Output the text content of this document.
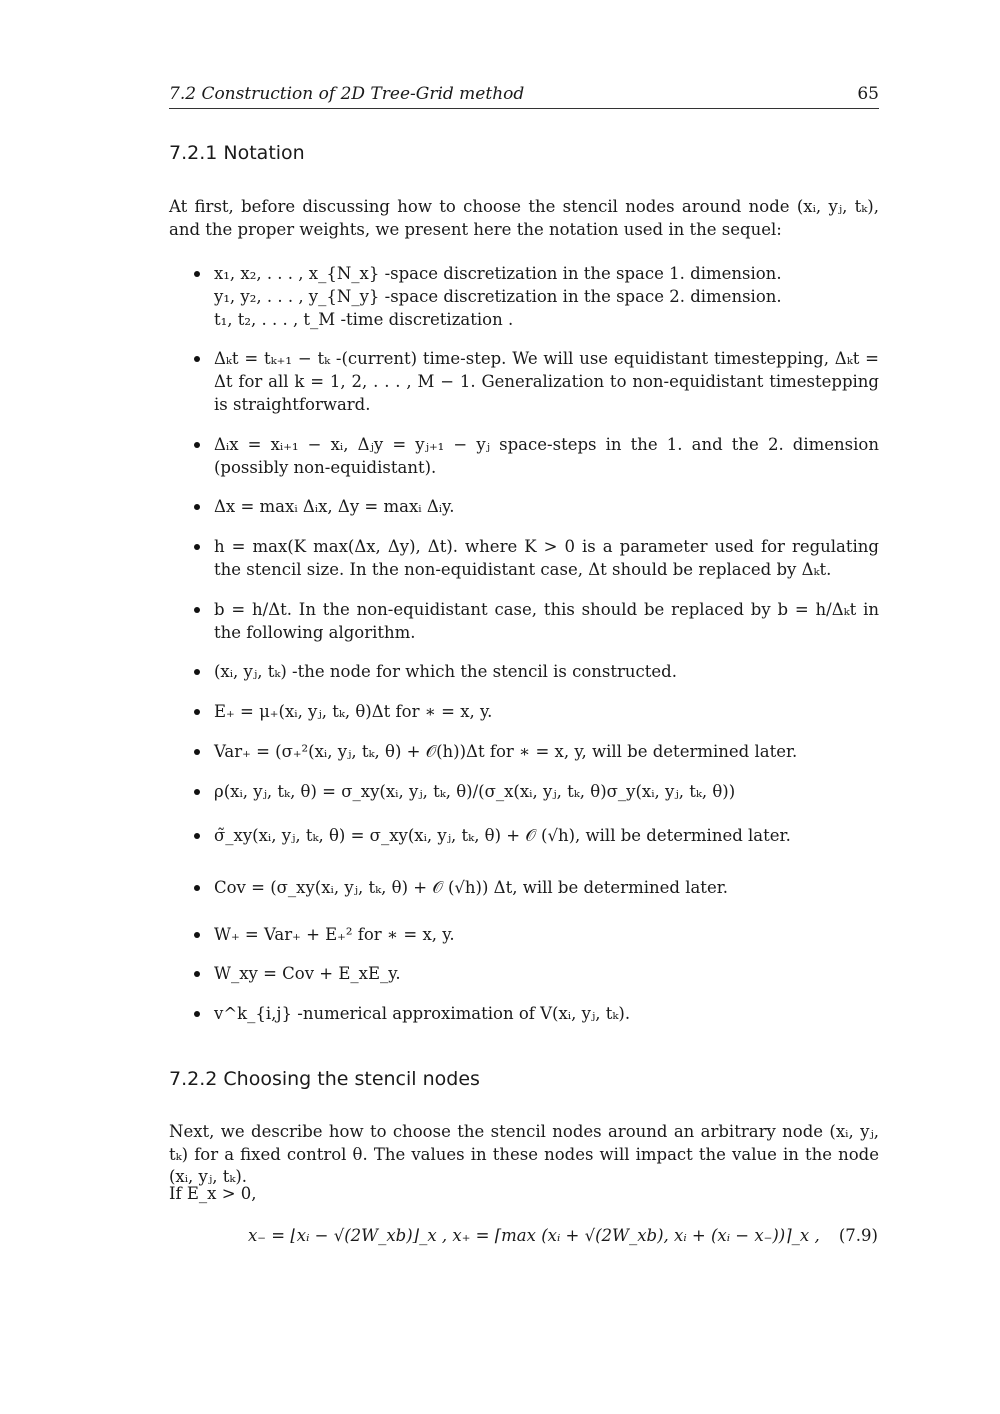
7.2 Construction of 2D Tree-Grid method	65
7.2.1 Notation
At first, before discussing how to choose the stencil nodes around node (xᵢ, yⱼ, tₖ), and the proper weights, we present here the notation used in the sequel:
x₁, x₂, . . . , x_{N_x} -space discretization in the space 1. dimension.
y₁, y₂, . . . , y_{N_y} -space discretization in the space 2. dimension.
t₁, t₂, . . . , t_M -time discretization .
Δₖt = tₖ₊₁ − tₖ -(current) time-step. We will use equidistant timestepping, Δₖt = Δt for all k = 1, 2, . . . , M − 1. Generalization to non-equidistant timestepping is straightforward.
Δᵢx = xᵢ₊₁ − xᵢ, Δⱼy = yⱼ₊₁ − yⱼ space-steps in the 1. and the 2. dimension (possibly non-equidistant).
Δx = maxᵢ Δᵢx, Δy = maxᵢ Δᵢy.
h = max(K max(Δx, Δy), Δt). where K > 0 is a parameter used for regulating the stencil size. In the non-equidistant case, Δt should be replaced by Δₖt.
b = h/Δt. In the non-equidistant case, this should be replaced by b = h/Δₖt in the following algorithm.
(xᵢ, yⱼ, tₖ) -the node for which the stencil is constructed.
E₊ = μ₊(xᵢ, yⱼ, tₖ, θ)Δt for ∗ = x, y.
Var₊ = (σ₊²(xᵢ, yⱼ, tₖ, θ) + 𝒪(h))Δt for ∗ = x, y, will be determined later.
ρ(xᵢ, yⱼ, tₖ, θ) = σ_xy(xᵢ, yⱼ, tₖ, θ)/(σ_x(xᵢ, yⱼ, tₖ, θ)σ_y(xᵢ, yⱼ, tₖ, θ))
σ̃_xy(xᵢ, yⱼ, tₖ, θ) = σ_xy(xᵢ, yⱼ, tₖ, θ) + 𝒪 (√h), will be determined later.
Cov = (σ_xy(xᵢ, yⱼ, tₖ, θ) + 𝒪 (√h)) Δt, will be determined later.
W₊ = Var₊ + E₊² for ∗ = x, y.
W_xy = Cov + E_xE_y.
v^k_{i,j} -numerical approximation of V(xᵢ, yⱼ, tₖ).
7.2.2 Choosing the stencil nodes
Next, we describe how to choose the stencil nodes around an arbitrary node (xᵢ, yⱼ, tₖ) for a fixed control θ. The values in these nodes will impact the value in the node (xᵢ, yⱼ, tₖ).
If E_x > 0,
x₋ = ⌊xᵢ − √(2W_xb)⌋_x , x₊ = ⌈max (xᵢ + √(2W_xb), xᵢ + (xᵢ − x₋))⌉_x , (7.9)
